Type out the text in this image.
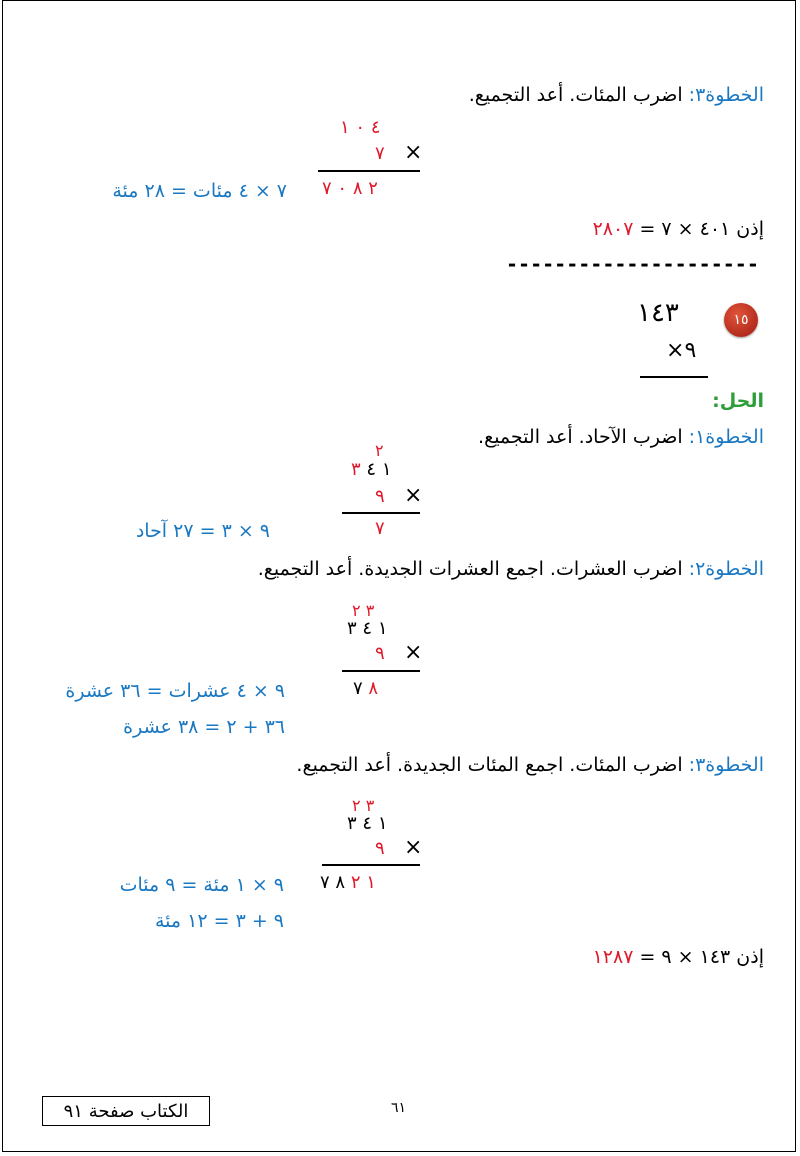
الخطوة٣: اضرب المئات. أعد التجميع.
٤ ٠ ١
٧ ×
٢ ٨ ٠ ٧
٧ × ٤ مئات = ٢٨ مئة
إذن ٤٠١ × ٧ = ٢٨٠٧
---------------------
١٥
١٤٣
×٩
الحل:
الخطوة١: اضرب الآحاد. أعد التجميع.
٢
١ ٤ ٣
٩ ×
٧
٩ × ٣ = ٢٧ آحاد
الخطوة٢: اضرب العشرات. اجمع العشرات الجديدة. أعد التجميع.
٣ ٢
١ ٤ ٣
٩ ×
٨ ٧
٩ × ٤ عشرات = ٣٦ عشرة
٣٦ + ٢ = ٣٨ عشرة
الخطوة٣: اضرب المئات. اجمع المئات الجديدة. أعد التجميع.
٣ ٢
١ ٤ ٣
٩ ×
١ ٢ ٨ ٧
٩ × ١ مئة = ٩ مئات
٩ + ٣ = ١٢ مئة
إذن ١٤٣ × ٩ = ١٢٨٧
الكتاب صفحة ٩١	٦١
